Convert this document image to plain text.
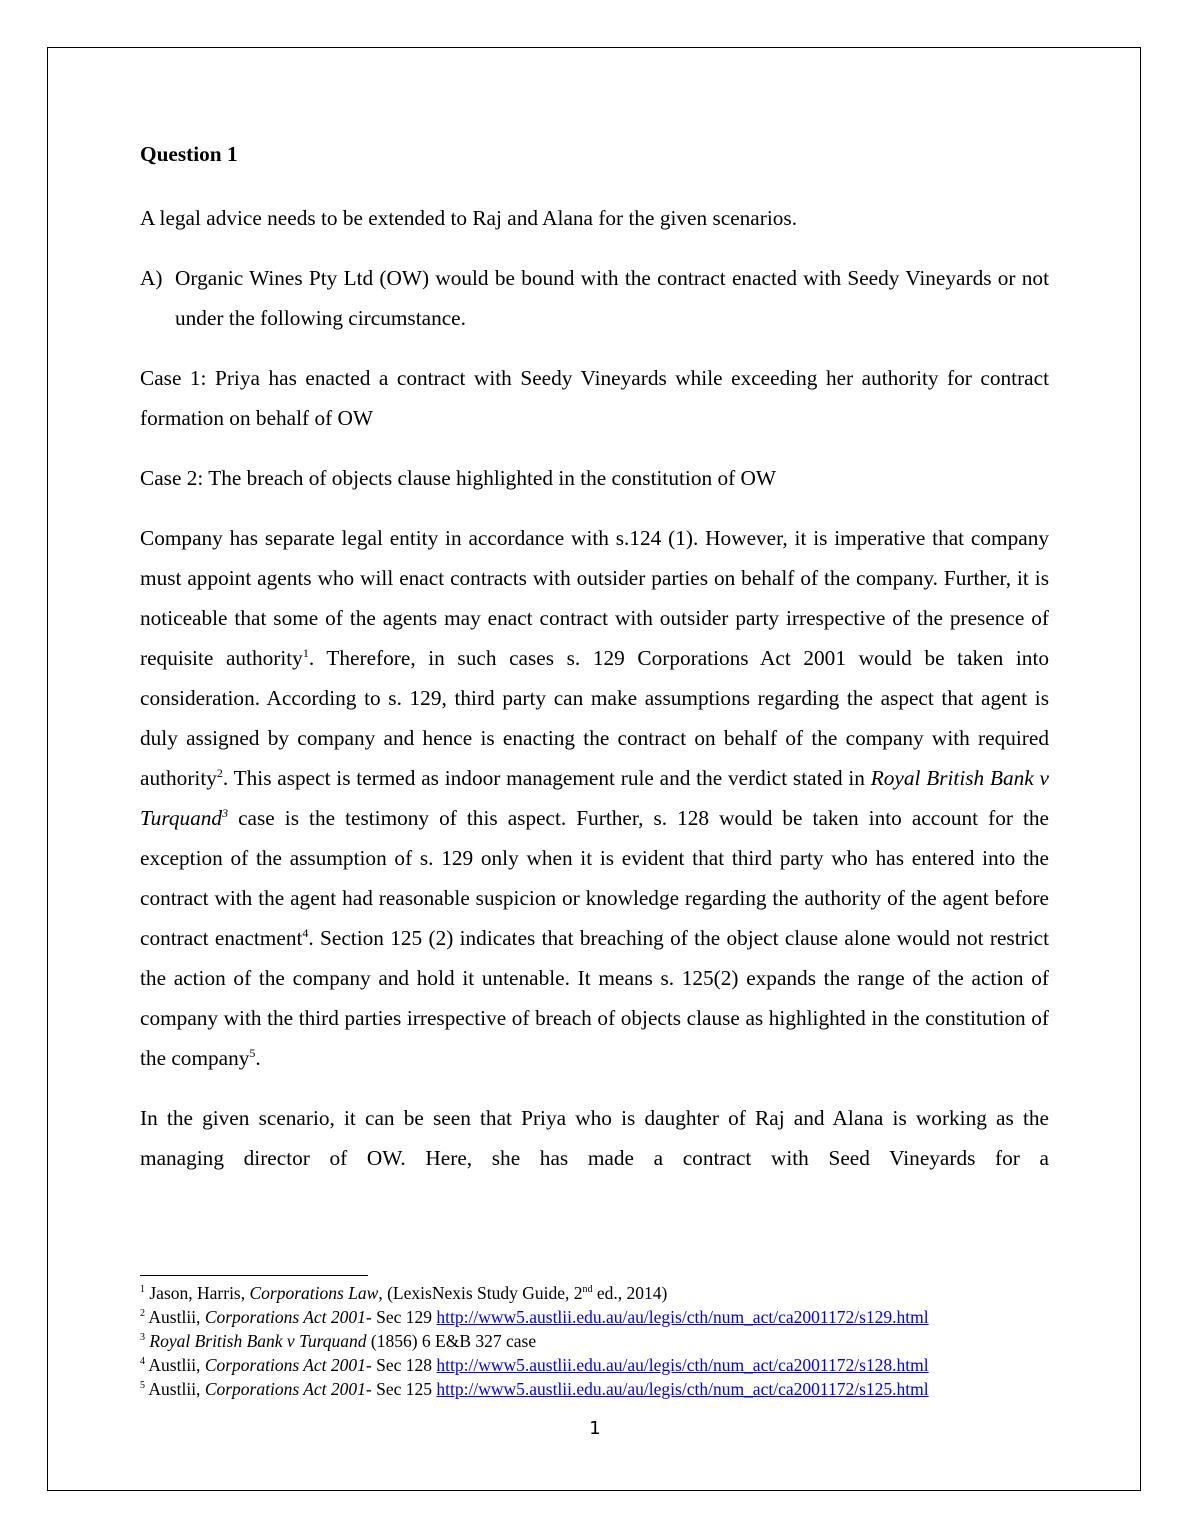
Question 1

A legal advice needs to be extended to Raj and Alana for the given scenarios.

A) Organic Wines Pty Ltd (OW) would be bound with the contract enacted with Seedy Vineyards or not under the following circumstance.

Case 1: Priya has enacted a contract with Seedy Vineyards while exceeding her authority for contract formation on behalf of OW

Case 2: The breach of objects clause highlighted in the constitution of OW

Company has separate legal entity in accordance with s.124 (1). However, it is imperative that company must appoint agents who will enact contracts with outsider parties on behalf of the company. Further, it is noticeable that some of the agents may enact contract with outsider party irrespective of the presence of requisite authority$^1$. Therefore, in such cases s. 129 Corporations Act 2001 would be taken into consideration. According to s. 129, third party can make assumptions regarding the aspect that agent is duly assigned by company and hence is enacting the contract on behalf of the company with required authority$^2$. This aspect is termed as indoor management rule and the verdict stated in Royal British Bank v Turquand$^3$ case is the testimony of this aspect. Further, s. 128 would be taken into account for the exception of the assumption of s. 129 only when it is evident that third party who has entered into the contract with the agent had reasonable suspicion or knowledge regarding the authority of the agent before contract enactment$^4$. Section 125 (2) indicates that breaching of the object clause alone would not restrict the action of the company and hold it untenable. It means s. 125(2) expands the range of the action of company with the third parties irrespective of breach of objects clause as highlighted in the constitution of the company$^5$.

In the given scenario, it can be seen that Priya who is daughter of Raj and Alana is working as the managing director of OW. Here, she has made a contract with Seed Vineyards for a

$^1$ Jason, Harris, Corporations Law, (LexisNexis Study Guide, 2nd ed., 2014)
$^2$ Austlii, Corporations Act 2001- Sec 129 http://www5.austlii.edu.au/au/legis/cth/num_act/ca2001172/s129.html
$^3$ Royal British Bank v Turquand (1856) 6 E&B 327 case
$^4$ Austlii, Corporations Act 2001- Sec 128 http://www5.austlii.edu.au/au/legis/cth/num_act/ca2001172/s128.html
$^5$ Austlii, Corporations Act 2001- Sec 125 http://www5.austlii.edu.au/au/legis/cth/num_act/ca2001172/s125.html
1
